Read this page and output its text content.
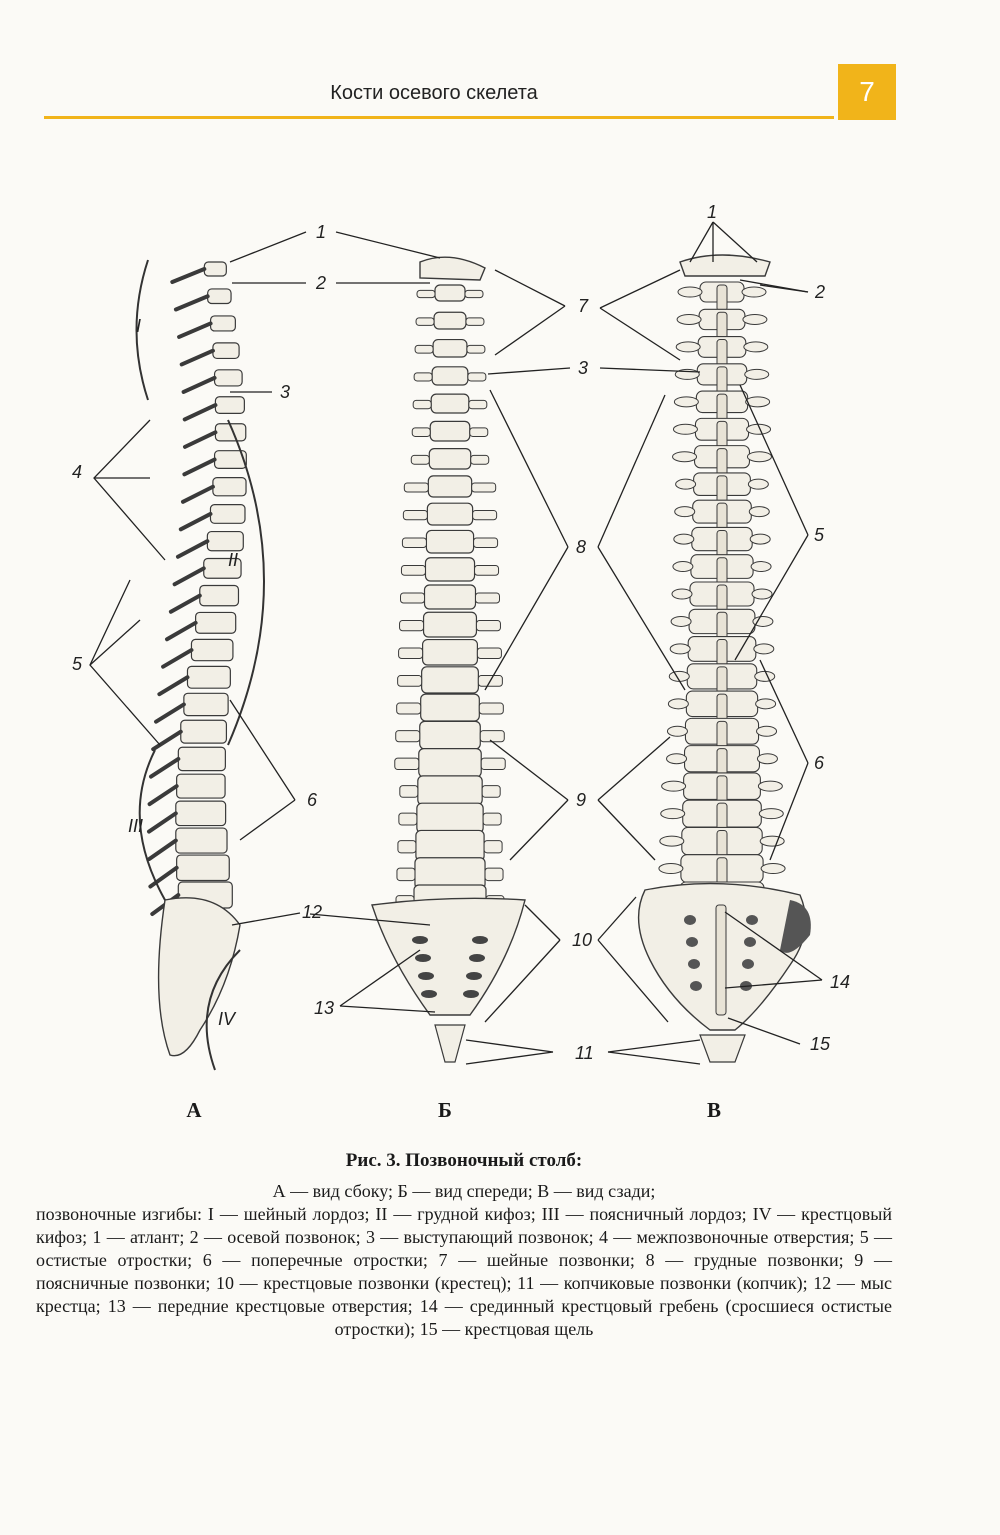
Кости осевого скелета	7
I
II
III
IV
1
2
3
4
5
6
12
7
3
8
9
10
13
11
1
2
5
6
14
15
А	Б	В
Рис. 3. Позвоночный столб:
А — вид сбоку; Б — вид спереди; В — вид сзади;
позвоночные изгибы: I — шейный лордоз; II — грудной кифоз; III — поясничный лордоз; IV — крестцовый кифоз; 1 — атлант; 2 — осевой позвонок; 3 — выступающий позвонок; 4 — межпозвоночные отверстия; 5 — остистые отростки; 6 — поперечные отростки; 7 — шейные позвонки; 8 — грудные позвонки; 9 — поясничные позвонки; 10 — крестцовые позвонки (крестец); 11 — копчиковые позвонки (копчик); 12 — мыс крестца; 13 — передние крестцовые отверстия; 14 — срединный крестцовый гребень (сросшиеся остистые отростки); 15 — крестцовая щель
